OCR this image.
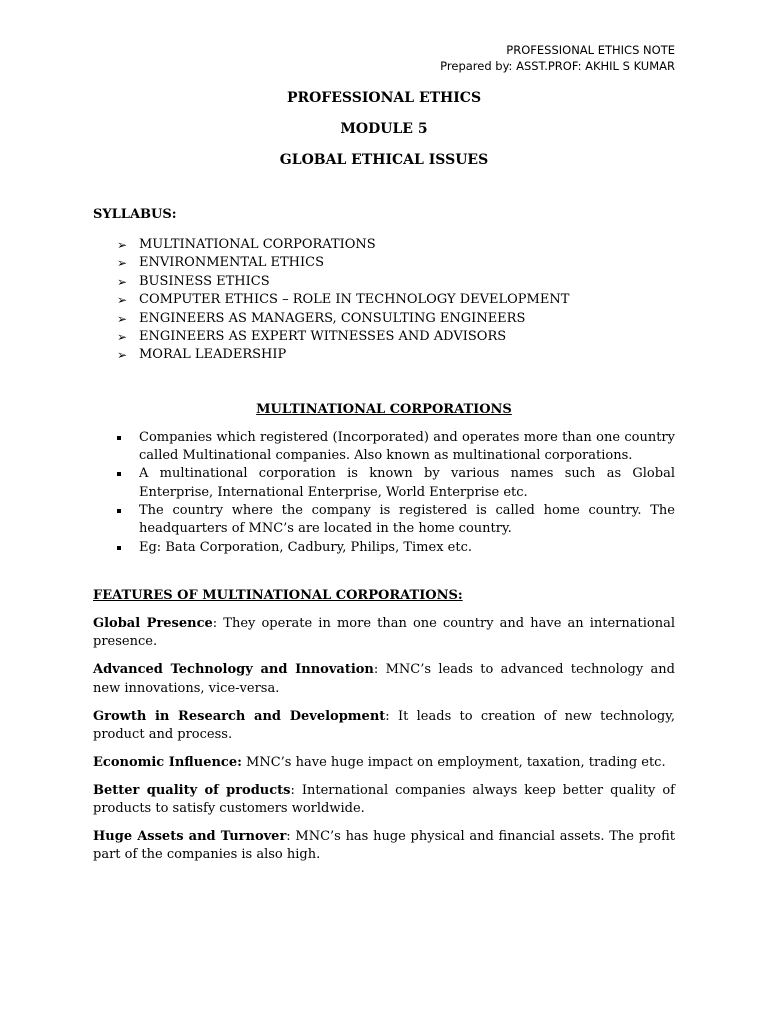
PROFESSIONAL ETHICS NOTE
Prepared by: ASST.PROF: AKHIL S KUMAR
PROFESSIONAL ETHICS
MODULE 5
GLOBAL ETHICAL ISSUES
SYLLABUS:
➢ MULTINATIONAL CORPORATIONS
➢ ENVIRONMENTAL ETHICS
➢ BUSINESS ETHICS
➢ COMPUTER ETHICS – ROLE IN TECHNOLOGY DEVELOPMENT
➢ ENGINEERS AS MANAGERS, CONSULTING ENGINEERS
➢ ENGINEERS AS EXPERT WITNESSES AND ADVISORS
➢ MORAL LEADERSHIP
MULTINATIONAL CORPORATIONS
Companies which registered (Incorporated) and operates more than one country called Multinational companies. Also known as multinational corporations.
A multinational corporation is known by various names such as Global Enterprise, International Enterprise, World Enterprise etc.
The country where the company is registered is called home country. The headquarters of MNC’s are located in the home country.
Eg: Bata Corporation, Cadbury, Philips, Timex etc.
FEATURES OF MULTINATIONAL CORPORATIONS:
Global Presence: They operate in more than one country and have an international presence.
Advanced Technology and Innovation: MNC’s leads to advanced technology and new innovations, vice-versa.
Growth in Research and Development: It leads to creation of new technology, product and process.
Economic Influence: MNC’s have huge impact on employment, taxation, trading etc.
Better quality of products: International companies always keep better quality of products to satisfy customers worldwide.
Huge Assets and Turnover: MNC’s has huge physical and financial assets. The profit part of the companies is also high.
